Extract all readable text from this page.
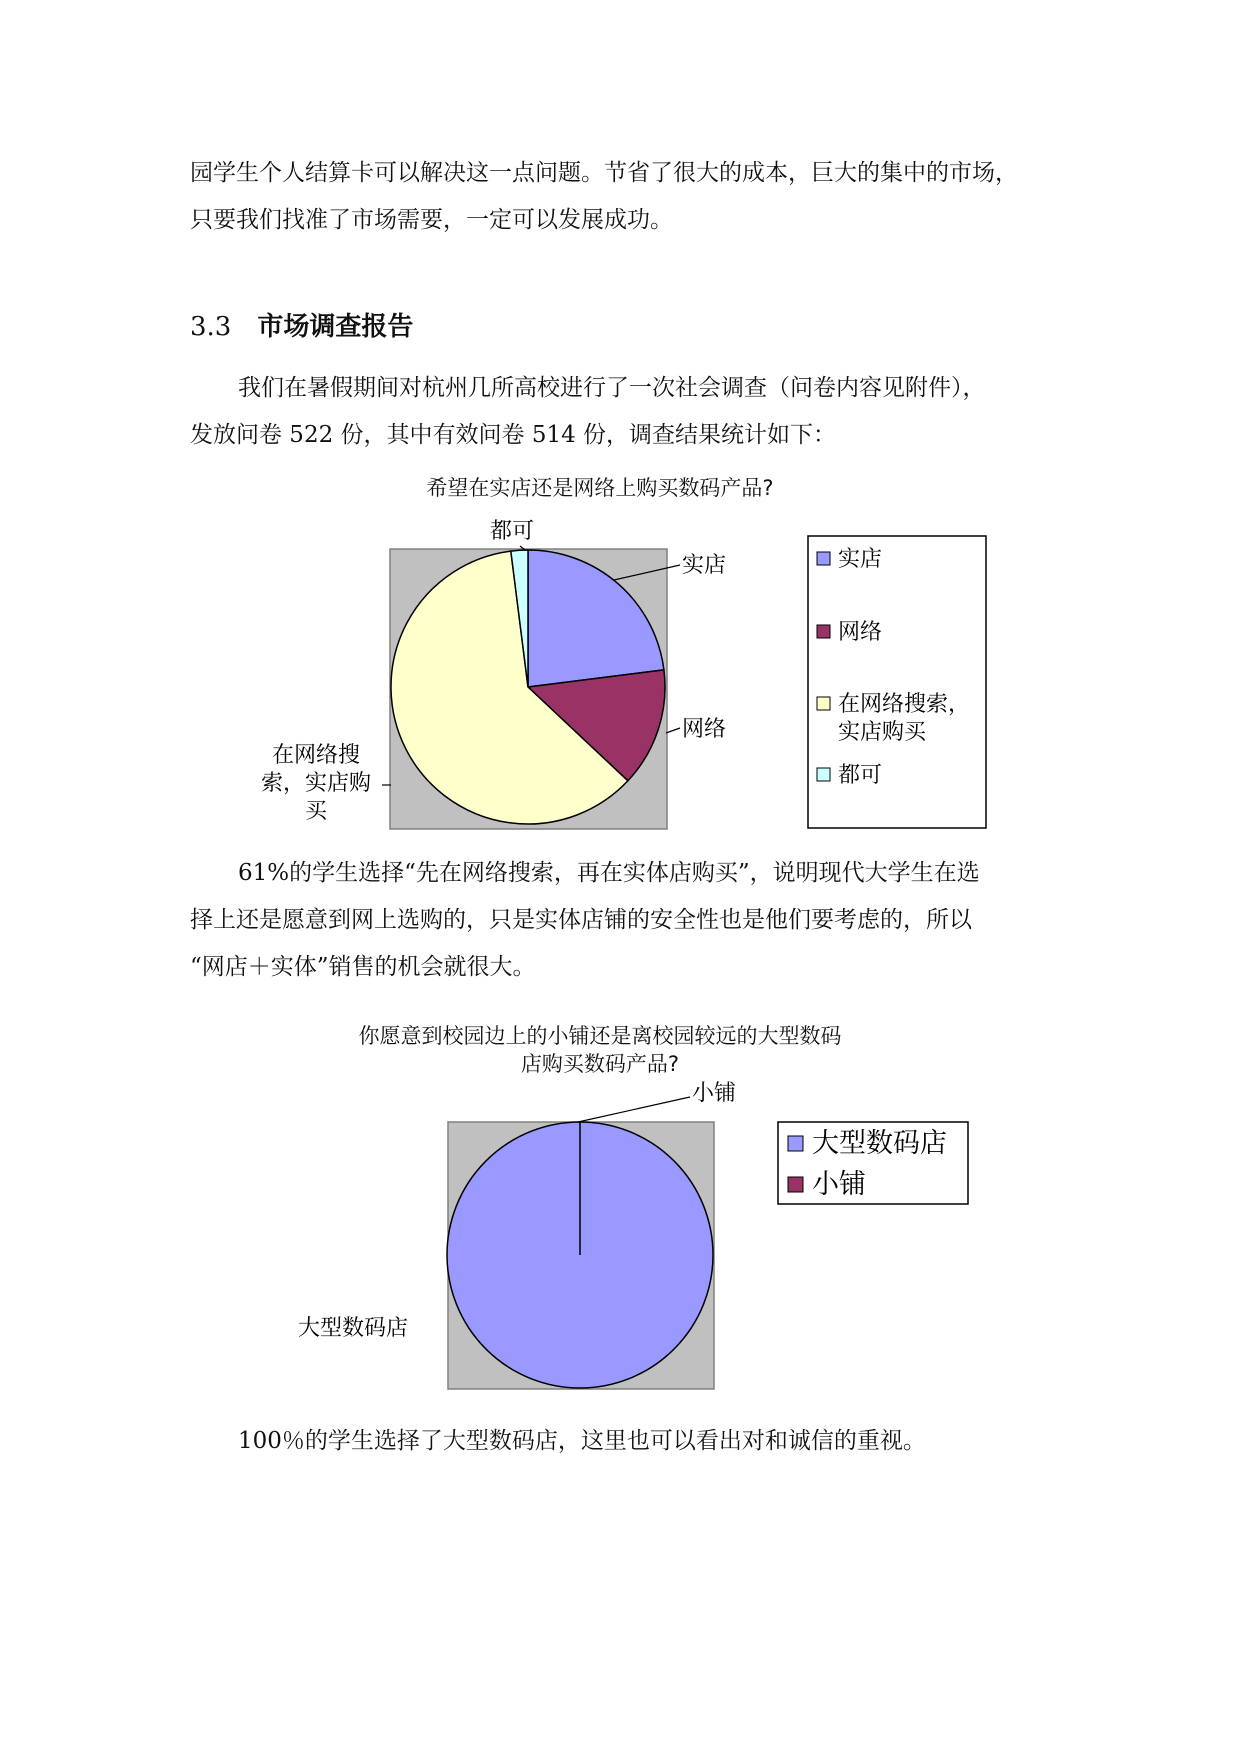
园学生个人结算卡可以解决这一点问题。节省了很大的成本，巨大的集中的市场，
只要我们找准了市场需要，一定可以发展成功。

3.3 市场调查报告

我们在暑假期间对杭州几所高校进行了一次社会调查（问卷内容见附件），
发放问卷 522 份，其中有效问卷 514 份，调查结果统计如下：

希望在实店还是网络上购买数码产品?

61%的学生选择“先在网络搜索，再在实体店购买”，说明现代大学生在选
择上还是愿意到网上选购的，只是实体店铺的安全性也是他们要考虑的，所以
“网店＋实体”销售的机会就很大。

你愿意到校园边上的小铺还是离校园较远的大型数码
店购买数码产品?

100％的学生选择了大型数码店，这里也可以看出对和诚信的重视。

实店
网络
都可
在网络搜
索，实店购
买
实店
网络
在网络搜索，
实店购买
都可
小铺
大型数码店
大型数码店
小铺
